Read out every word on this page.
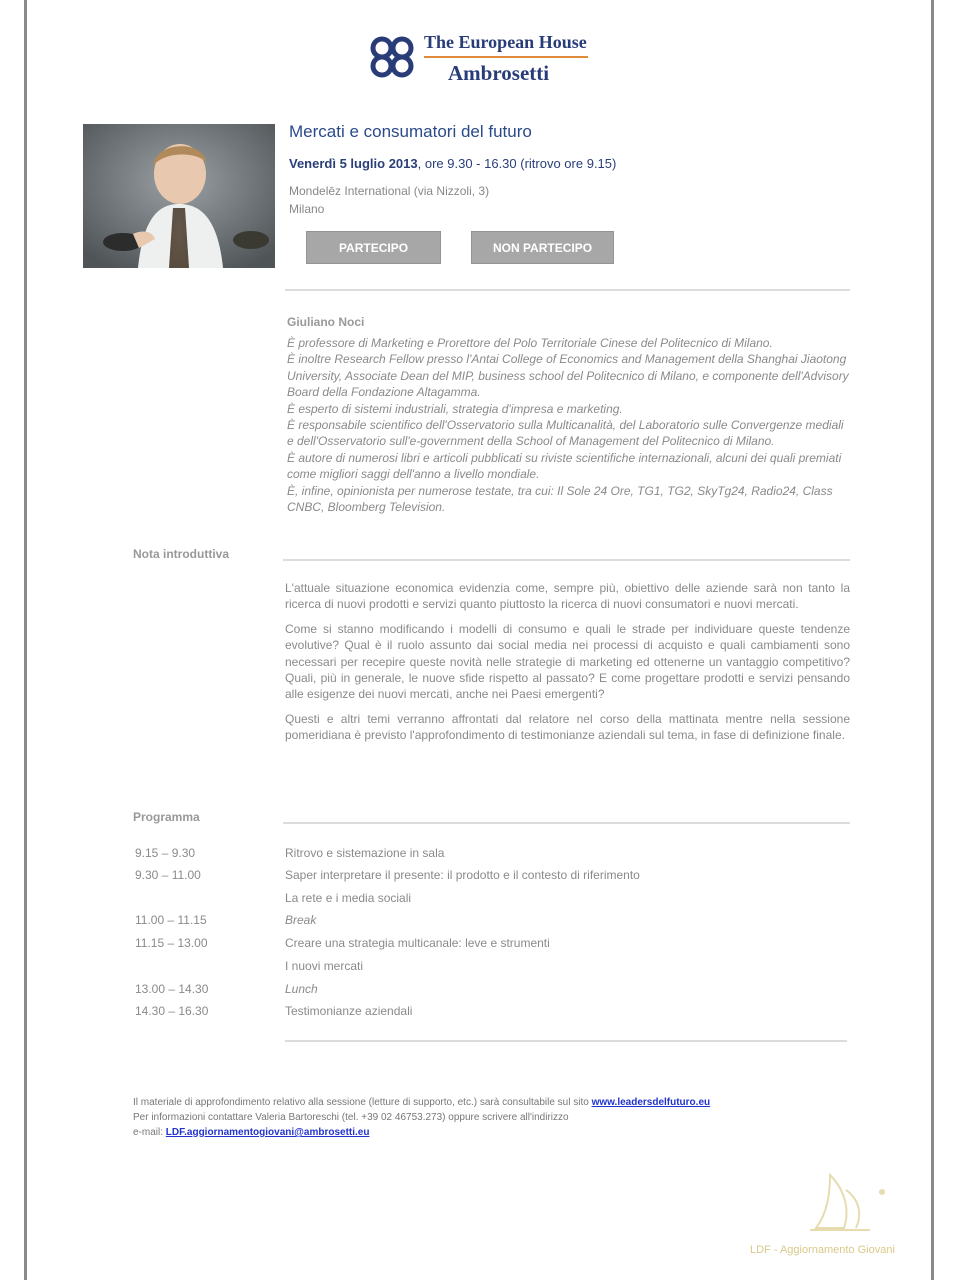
The European House
Ambrosetti
Mercati e consumatori del futuro
Venerdì 5 luglio 2013, ore 9.30 - 16.30 (ritrovo ore 9.15)
Mondelēz International (via Nizzoli, 3)
Milano
PARTECIPO	NON PARTECIPO
Giuliano Noci

È professore di Marketing e Prorettore del Polo Territoriale Cinese del Politecnico di Milano.

È inoltre Research Fellow presso l'Antai College of Economics and Management della Shanghai Jiaotong University, Associate Dean del MIP, business school del Politecnico di Milano, e componente dell'Advisory Board della Fondazione Altagamma.

È esperto di sistemi industriali, strategia d'impresa e marketing.

È responsabile scientifico dell'Osservatorio sulla Multicanalità, del Laboratorio sulle Convergenze mediali e dell'Osservatorio sull'e-government della School of Management del Politecnico di Milano.

È autore di numerosi libri e articoli pubblicati su riviste scientifiche internazionali, alcuni dei quali premiati come migliori saggi dell'anno a livello mondiale.

È, infine, opinionista per numerose testate, tra cui: Il Sole 24 Ore, TG1, TG2, SkyTg24, Radio24, Class CNBC, Bloomberg Television.

Nota introduttiva

L'attuale situazione economica evidenzia come, sempre più, obiettivo delle aziende sarà non tanto la ricerca di nuovi prodotti e servizi quanto piuttosto la ricerca di nuovi consumatori e nuovi mercati.

Come si stanno modificando i modelli di consumo e quali le strade per individuare queste tendenze evolutive? Qual è il ruolo assunto dai social media nei processi di acquisto e quali cambiamenti sono necessari per recepire queste novità nelle strategie di marketing ed ottenerne un vantaggio competitivo? Quali, più in generale, le nuove sfide rispetto al passato? E come progettare prodotti e servizi pensando alle esigenze dei nuovi mercati, anche nei Paesi emergenti?

Questi e altri temi verranno affrontati dal relatore nel corso della mattinata mentre nella sessione pomeridiana è previsto l'approfondimento di testimonianze aziendali sul tema, in fase di definizione finale.

Programma
9.15 – 9.30	Ritrovo e sistemazione in sala
9.30 – 11.00	Saper interpretare il presente: il prodotto e il contesto di riferimento
La rete e i media sociali
11.00 – 11.15	Break
11.15 – 13.00	Creare una strategia multicanale: leve e strumenti
I nuovi mercati
13.00 – 14.30	Lunch
14.30 – 16.30	Testimonianze aziendali
Il materiale di approfondimento relativo alla sessione (letture di supporto, etc.) sarà consultabile sul sito www.leadersdelfuturo.eu
Per informazioni contattare Valeria Bartoreschi (tel. +39 02 46753.273) oppure scrivere all'indirizzo
e-mail: LDF.aggiornamentogiovani@ambrosetti.eu
LDF - Aggiornamento Giovani
